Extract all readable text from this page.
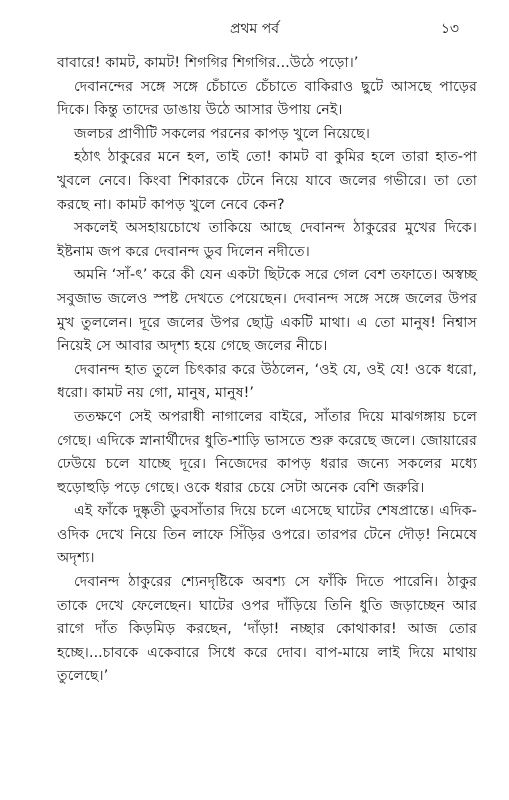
প্রথম পর্ব	১৩

বাবারে! কামট, কামট! শিগগির শিগগির...উঠে পড়ো।’

দেবানন্দের সঙ্গে সঙ্গে চেঁচাতে চেঁচাতে বাকিরাও ছুটে আসছে পাড়ের দিকে। কিন্তু তাদের ডাঙায় উঠে আসার উপায় নেই।

জলচর প্রাণীটি সকলের পরনের কাপড় খুলে নিয়েছে।

হঠাৎ ঠাকুরের মনে হল, তাই তো! কামট বা কুমির হলে তারা হাত-পা খুবলে নেবে। কিংবা শিকারকে টেনে নিয়ে যাবে জলের গভীরে। তা তো করছে না। কামট কাপড় খুলে নেবে কেন?

সকলেই অসহায়চোখে তাকিয়ে আছে দেবানন্দ ঠাকুরের মুখের দিকে। ইষ্টনাম জপ করে দেবানন্দ ডুব দিলেন নদীতে।

অমনি ‘সাঁ-ৎ’ করে কী যেন একটা ছিটকে সরে গেল বেশ তফাতে। অস্বচ্ছ সবুজাভ জলেও স্পষ্ট দেখতে পেয়েছেন। দেবানন্দ সঙ্গে সঙ্গে জলের উপর মুখ তুললেন। দূরে জলের উপর ছোট্ট একটি মাথা। এ তো মানুষ! নিশ্বাস নিয়েই সে আবার অদৃশ্য হয়ে গেছে জলের নীচে।

দেবানন্দ হাত তুলে চিৎকার করে উঠলেন, ‘ওই যে, ওই যে! ওকে ধরো, ধরো। কামট নয় গো, মানুষ, মানুষ!’

ততক্ষণে সেই অপরাধী নাগালের বাইরে, সাঁতার দিয়ে মাঝগঙ্গায় চলে গেছে। এদিকে স্নানার্থীদের ধুতি-শাড়ি ভাসতে শুরু করেছে জলে। জোয়ারের ঢেউয়ে চলে যাচ্ছে দূরে। নিজেদের কাপড় ধরার জন্যে সকলের মধ্যে হুড়োহুড়ি পড়ে গেছে। ওকে ধরার চেয়ে সেটা অনেক বেশি জরুরি।

এই ফাঁকে দুষ্কৃতী ডুবসাঁতার দিয়ে চলে এসেছে ঘাটের শেষপ্রান্তে। এদিক-ওদিক দেখে নিয়ে তিন লাফে সিঁড়ির ওপরে। তারপর টেনে দৌড়! নিমেষে অদৃশ্য।

দেবানন্দ ঠাকুরের শ্যেনদৃষ্টিকে অবশ্য সে ফাঁকি দিতে পারেনি। ঠাকুর তাকে দেখে ফেলেছেন। ঘাটের ওপর দাঁড়িয়ে তিনি ধুতি জড়াচ্ছেন আর রাগে দাঁত কিড়মিড় করছেন, ‘দাঁড়া! নচ্ছার কোথাকার! আজ তোর হচ্ছে।...চাবকে একেবারে সিধে করে দোব। বাপ-মায়ে লাই দিয়ে মাথায় তুলেছে।’
